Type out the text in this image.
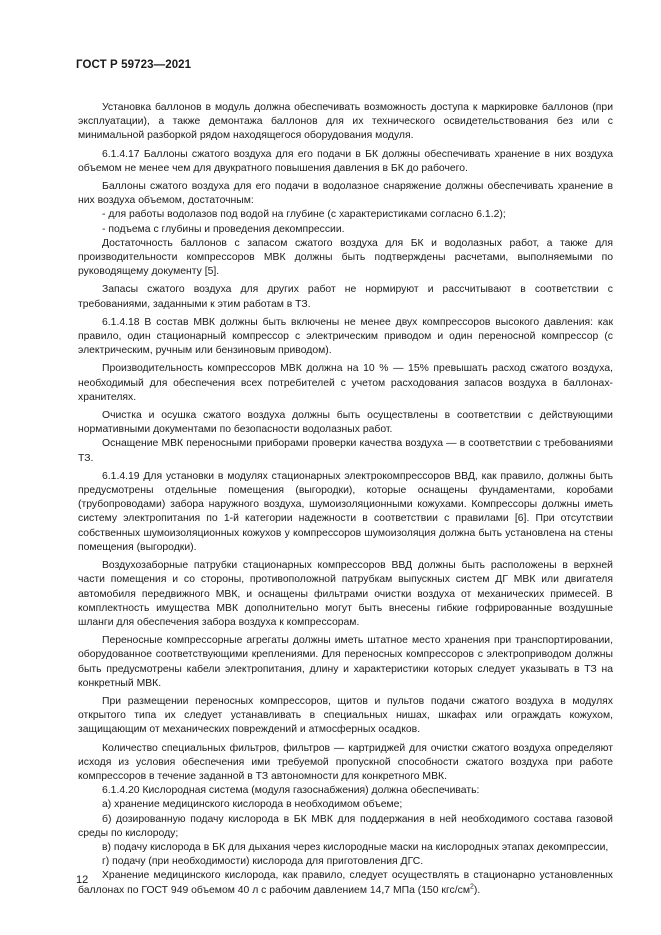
ГОСТ Р 59723—2021

Установка баллонов в модуль должна обеспечивать возможность доступа к маркировке баллонов (при эксплуатации), а также демонтажа баллонов для их технического освидетельствования без или с минимальной разборкой рядом находящегося оборудования модуля.

6.1.4.17 Баллоны сжатого воздуха для его подачи в БК должны обеспечивать хранение в них воздуха объемом не менее чем для двукратного повышения давления в БК до рабочего.

Баллоны сжатого воздуха для его подачи в водолазное снаряжение должны обеспечивать хранение в них воздуха объемом, достаточным:

- для работы водолазов под водой на глубине (с характеристиками согласно 6.1.2);

- подъема с глубины и проведения декомпрессии.

Достаточность баллонов с запасом сжатого воздуха для БК и водолазных работ, а также для производительности компрессоров МВК должны быть подтверждены расчетами, выполняемыми по руководящему документу [5].

Запасы сжатого воздуха для других работ не нормируют и рассчитывают в соответствии с требованиями, заданными к этим работам в ТЗ.

6.1.4.18 В состав МВК должны быть включены не менее двух компрессоров высокого давления: как правило, один стационарный компрессор с электрическим приводом и один переносной компрессор (с электрическим, ручным или бензиновым приводом).

Производительность компрессоров МВК должна на 10 % — 15% превышать расход сжатого воздуха, необходимый для обеспечения всех потребителей с учетом расходования запасов воздуха в баллонах-хранителях.

Очистка и осушка сжатого воздуха должны быть осуществлены в соответствии с действующими нормативными документами по безопасности водолазных работ.

Оснащение МВК переносными приборами проверки качества воздуха — в соответствии с требованиями ТЗ.

6.1.4.19 Для установки в модулях стационарных электрокомпрессоров ВВД, как правило, должны быть предусмотрены отдельные помещения (выгородки), которые оснащены фундаментами, коробами (трубопроводами) забора наружного воздуха, шумоизоляционными кожухами. Компрессоры должны иметь систему электропитания по 1-й категории надежности в соответствии с правилами [6]. При отсутствии собственных шумоизоляционных кожухов у компрессоров шумоизоляция должна быть установлена на стены помещения (выгородки).

Воздухозаборные патрубки стационарных компрессоров ВВД должны быть расположены в верхней части помещения и со стороны, противоположной патрубкам выпускных систем ДГ МВК или двигателя автомобиля передвижного МВК, и оснащены фильтрами очистки воздуха от механических примесей. В комплектность имущества МВК дополнительно могут быть внесены гибкие гофрированные воздушные шланги для обеспечения забора воздуха к компрессорам.

Переносные компрессорные агрегаты должны иметь штатное место хранения при транспортировании, оборудованное соответствующими креплениями. Для переносных компрессоров с электроприводом должны быть предусмотрены кабели электропитания, длину и характеристики которых следует указывать в ТЗ на конкретный МВК.

При размещении переносных компрессоров, щитов и пультов подачи сжатого воздуха в модулях открытого типа их следует устанавливать в специальных нишах, шкафах или ограждать кожухом, защищающим от механических повреждений и атмосферных осадков.

Количество специальных фильтров, фильтров — картриджей для очистки сжатого воздуха определяют исходя из условия обеспечения ими требуемой пропускной способности сжатого воздуха при работе компрессоров в течение заданной в ТЗ автономности для конкретного МВК.

6.1.4.20 Кислородная система (модуля газоснабжения) должна обеспечивать:

а) хранение медицинского кислорода в необходимом объеме;

б) дозированную подачу кислорода в БК МВК для поддержания в ней необходимого состава газовой среды по кислороду;

в) подачу кислорода в БК для дыхания через кислородные маски на кислородных этапах декомпрессии,

г) подачу (при необходимости) кислорода для приготовления ДГС.

Хранение медицинского кислорода, как правило, следует осуществлять в стационарно установленных баллонах по ГОСТ 949 объемом 40 л с рабочим давлением 14,7 МПа (150 кгс/$см^2$).

12
